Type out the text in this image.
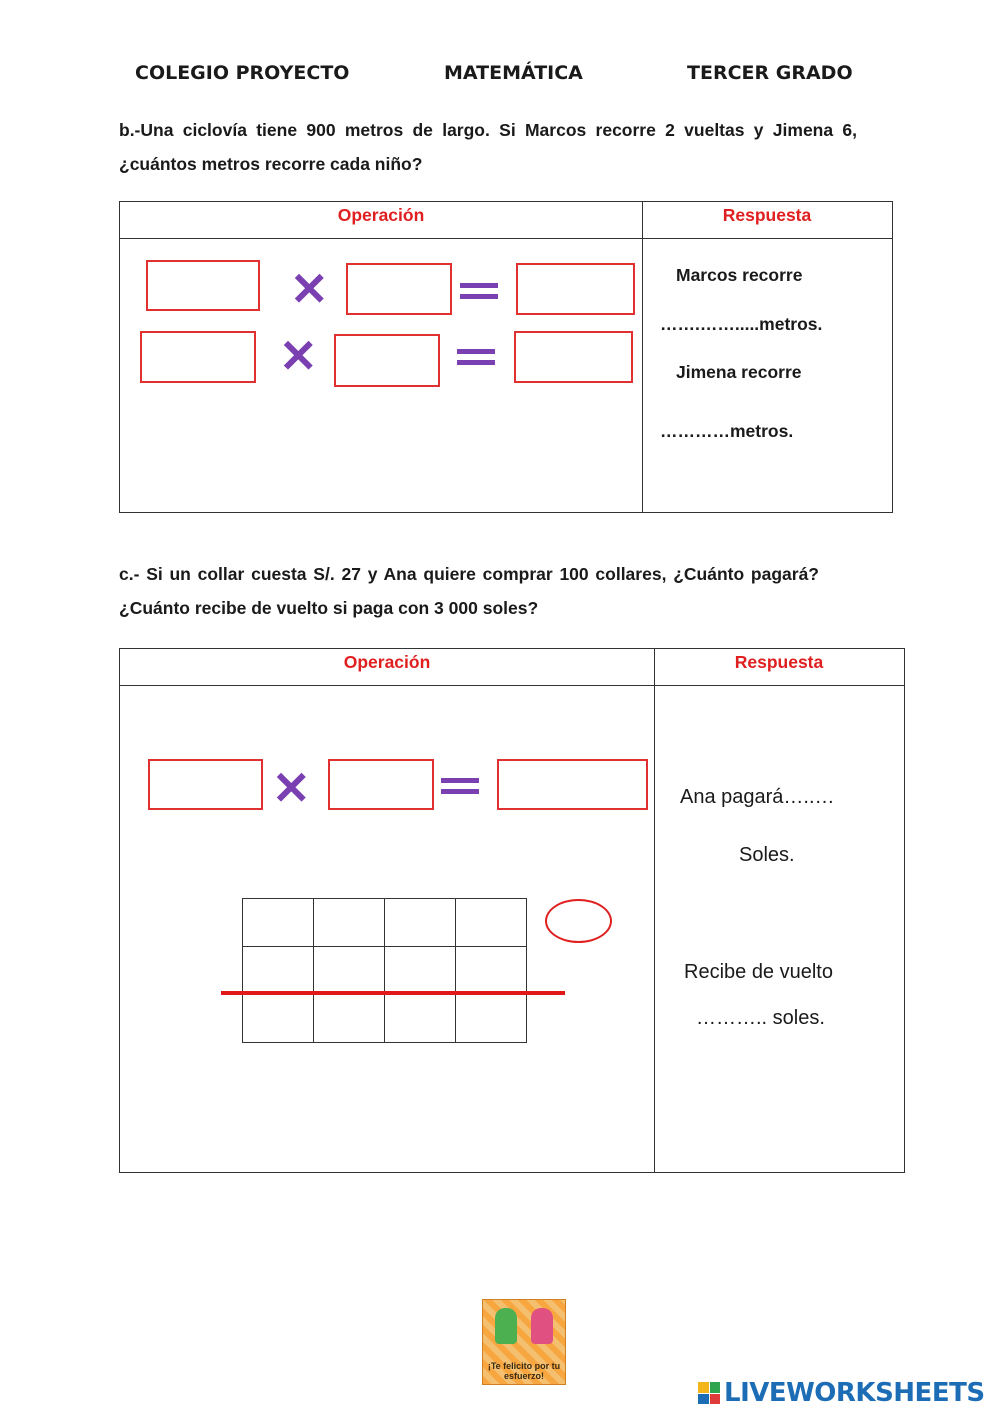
COLEGIO PROYECTO	MATEMÁTICA	TERCER GRADO
b.-Una ciclovía tiene 900 metros de largo. Si Marcos recorre 2 vueltas y Jimena 6, ¿cuántos metros recorre cada niño?
Operación	Respuesta
✕
✕
Marcos recorre
…….…….....metros.
Jimena recorre
…………metros.
c.- Si un collar cuesta S/. 27 y Ana quiere comprar 100 collares, ¿Cuánto pagará? ¿Cuánto recibe de vuelto si paga con 3 000 soles?
Operación	Respuesta
✕

				Ana pagará…..…
Soles.
Recibe de vuelto
……….. soles.
¡Te felicito por tu esfuerzo!
LIVEWORKSHEETS
